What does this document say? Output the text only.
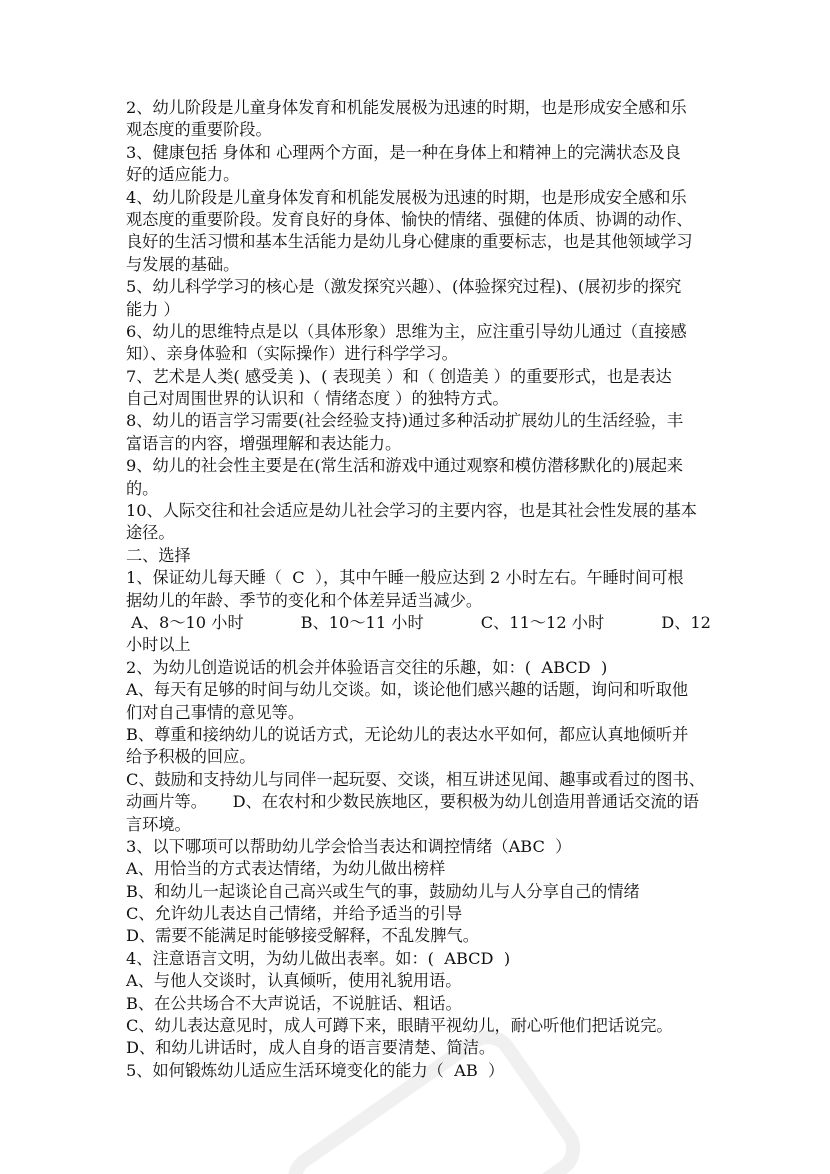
2、幼儿阶段是儿童身体发育和机能发展极为迅速的时期，也是形成安全感和乐
观态度的重要阶段。
3、健康包括 身体和 心理两个方面，是一种在身体上和精神上的完满状态及良
好的适应能力。
4、幼儿阶段是儿童身体发育和机能发展极为迅速的时期，也是形成安全感和乐
观态度的重要阶段。发育良好的身体、愉快的情绪、强健的体质、协调的动作、
良好的生活习惯和基本生活能力是幼儿身心健康的重要标志，也是其他领域学习
与发展的基础。
5、幼儿科学学习的核心是（激发探究兴趣）、(体验探究过程)、(展初步的探究
能力 ）
6、幼儿的思维特点是以（具体形象）思维为主，应注重引导幼儿通过（直接感
知）、亲身体验和（实际操作）进行科学学习。
7、艺术是人类( 感受美 )、( 表现美 ）和（ 创造美 ）的重要形式，也是表达
自己对周围世界的认识和（ 情绪态度 ）的独特方式。
8、幼儿的语言学习需要(社会经验支持)通过多种活动扩展幼儿的生活经验，丰
富语言的内容，增强理解和表达能力。
9、幼儿的社会性主要是在(常生活和游戏中通过观察和模仿潜移默化的)展起来
的。
10、人际交往和社会适应是幼儿社会学习的主要内容，也是其社会性发展的基本
途径。
二、选择
1、保证幼儿每天睡（  C  ），其中午睡一般应达到 2 小时左右。午睡时间可根
据幼儿的年龄、季节的变化和个体差异适当减少。
A、8～10 小时	B、10～11 小时	C、11～12 小时	D、12
小时以上
2、为幼儿创造说话的机会并体验语言交往的乐趣，如：(  ABCD  )
A、每天有足够的时间与幼儿交谈。如，谈论他们感兴趣的话题，询问和听取他
们对自己事情的意见等。
B、尊重和接纳幼儿的说话方式，无论幼儿的表达水平如何，都应认真地倾听并
给予积极的回应。
C、鼓励和支持幼儿与同伴一起玩耍、交谈，相互讲述见闻、趣事或看过的图书、
动画片等。     D、在农村和少数民族地区，要积极为幼儿创造用普通话交流的语
言环境。
3、以下哪项可以帮助幼儿学会恰当表达和调控情绪（ABC  ）
A、用恰当的方式表达情绪，为幼儿做出榜样
B、和幼儿一起谈论自己高兴或生气的事，鼓励幼儿与人分享自己的情绪
C、允许幼儿表达自己情绪，并给予适当的引导
D、需要不能满足时能够接受解释，不乱发脾气。
4、注意语言文明，为幼儿做出表率。如：(  ABCD  )
A、与他人交谈时，认真倾听，使用礼貌用语。
B、在公共场合不大声说话，不说脏话、粗话。
C、幼儿表达意见时，成人可蹲下来，眼睛平视幼儿，耐心听他们把话说完。
D、和幼儿讲话时，成人自身的语言要清楚、简洁。
5、如何锻炼幼儿适应生活环境变化的能力（  AB  ）
